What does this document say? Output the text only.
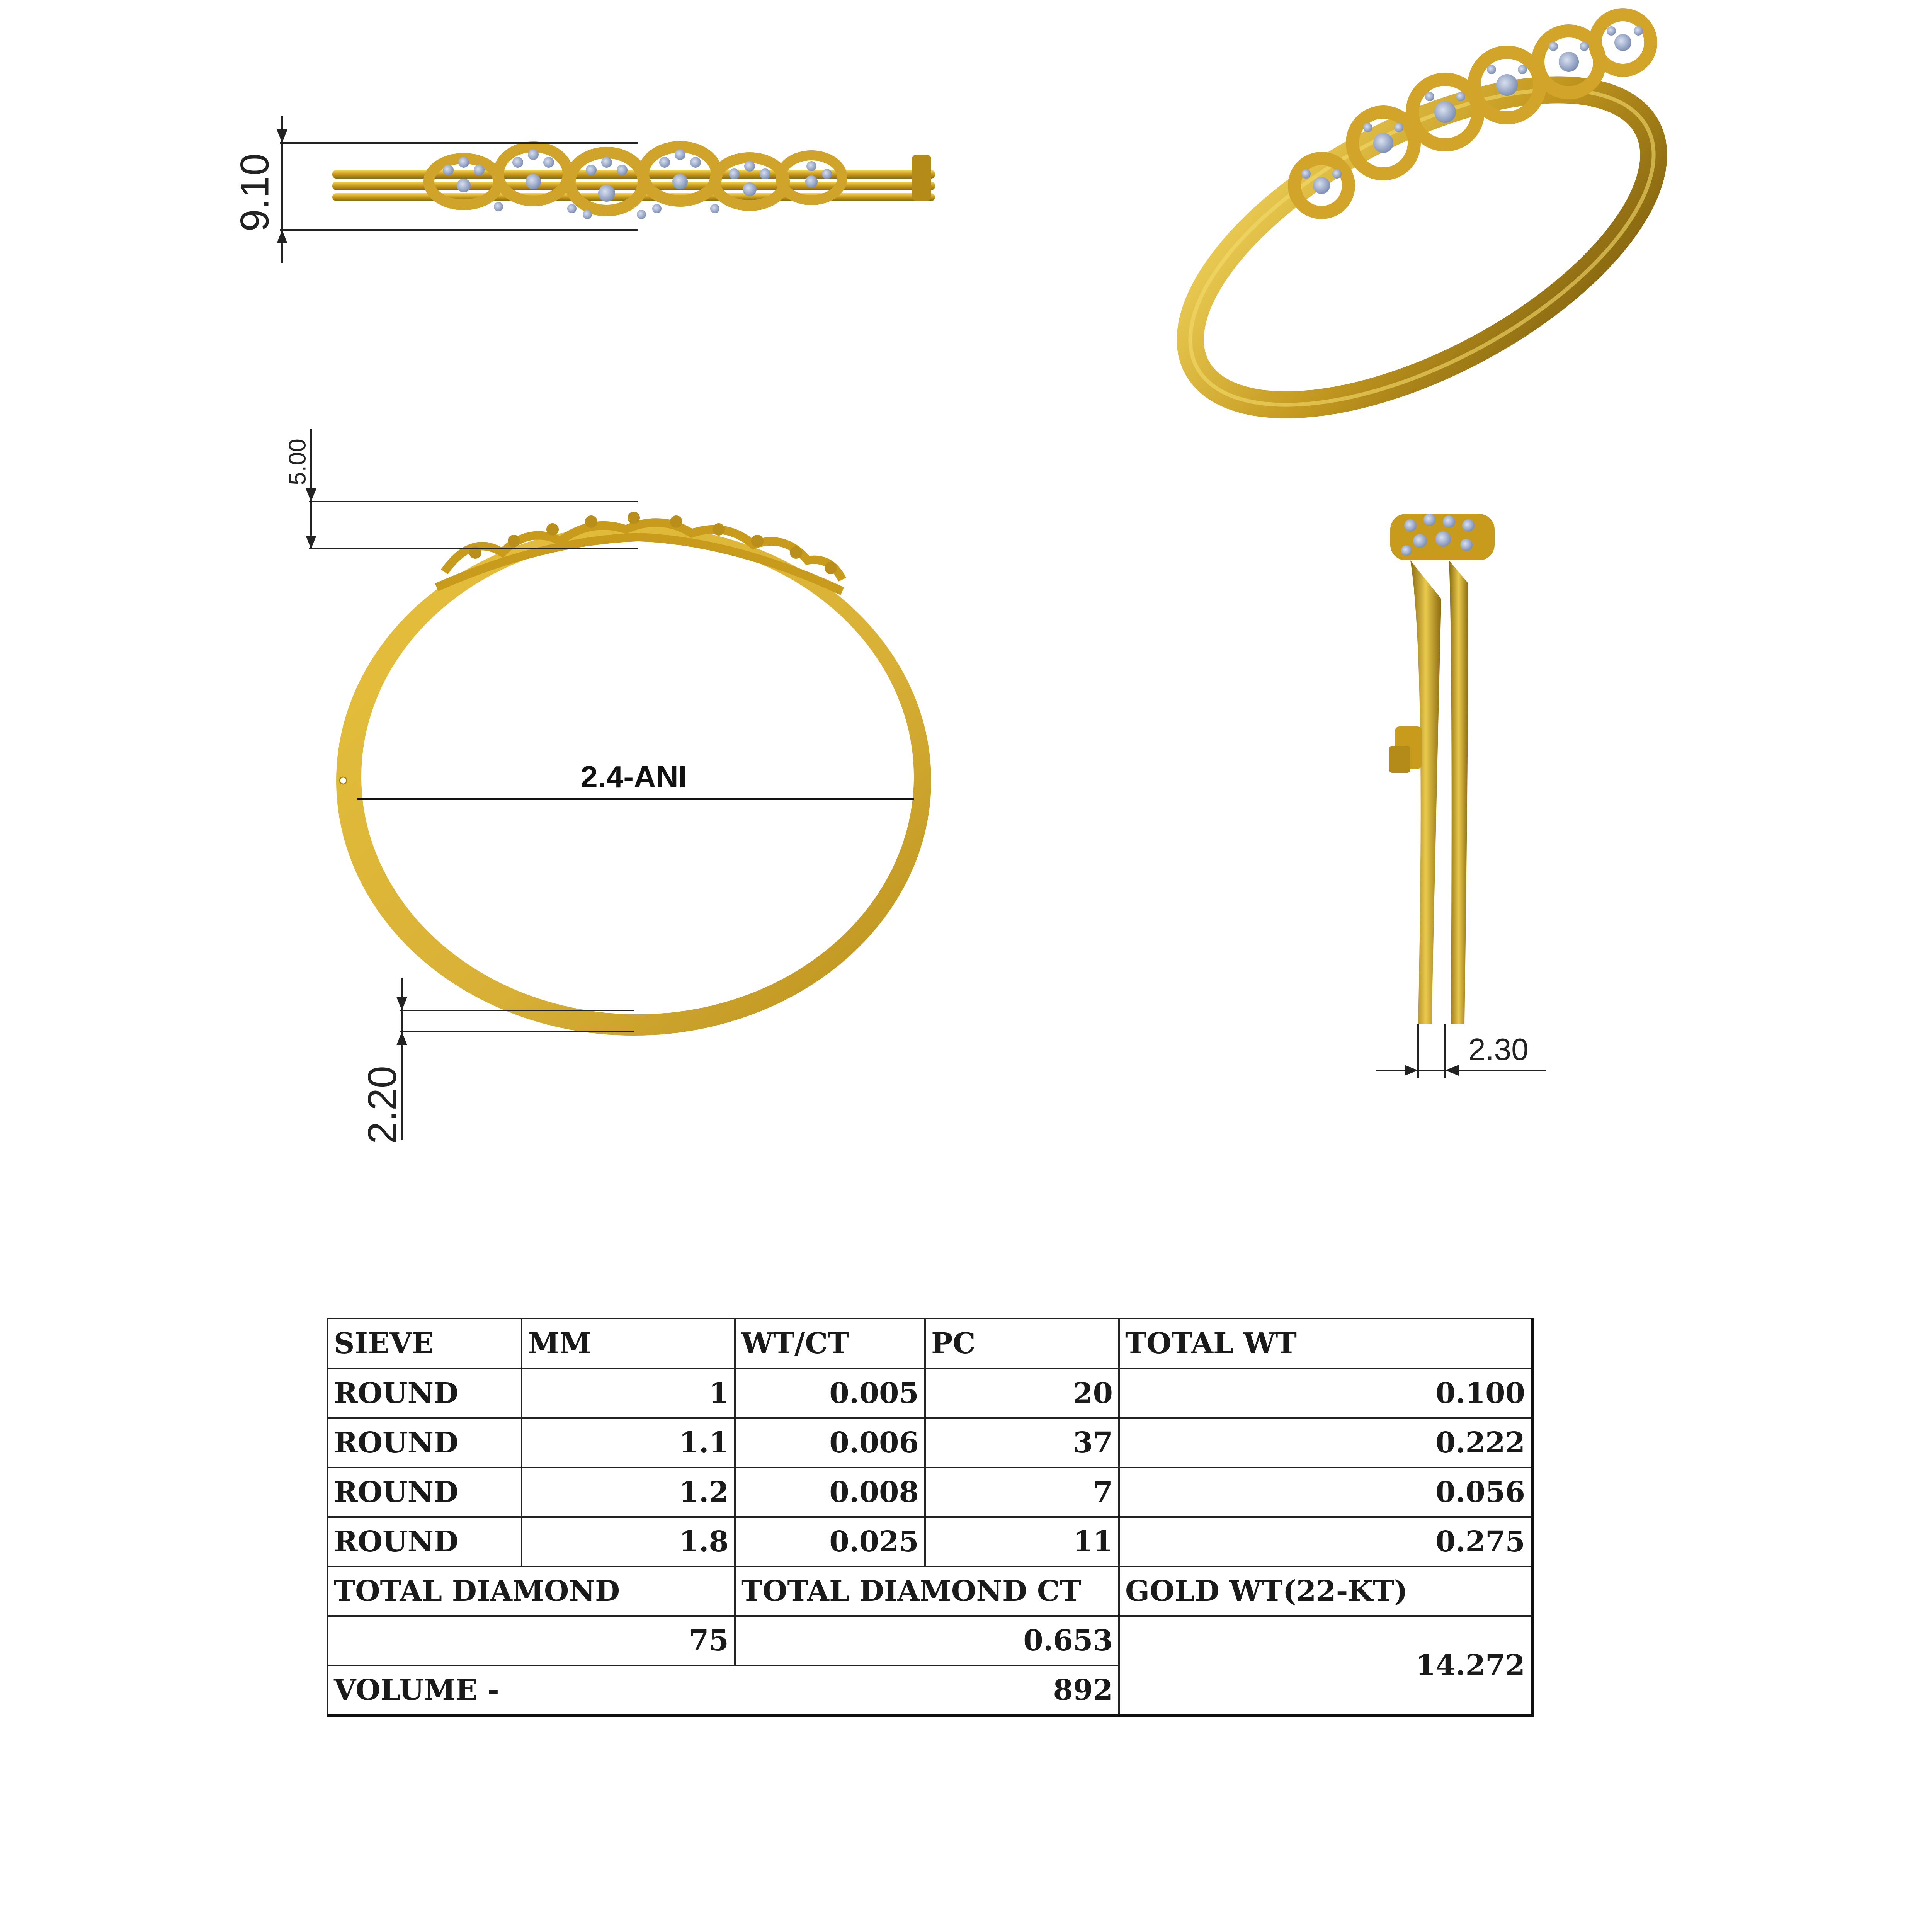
9.10
5.00
2.4-ANI
2.20
2.30
SIEVE	MM	WT/CT	PC	TOTAL WT
ROUND	1	0.005	20	0.100
ROUND	1.1	0.006	37	0.222
ROUND	1.2	0.008	7	0.056
ROUND	1.8	0.025	11	0.275
TOTAL DIAMOND		TOTAL DIAMOND CT		GOLD WT(22-KT)
75		0.653		14.272
VOLUME -		892		
